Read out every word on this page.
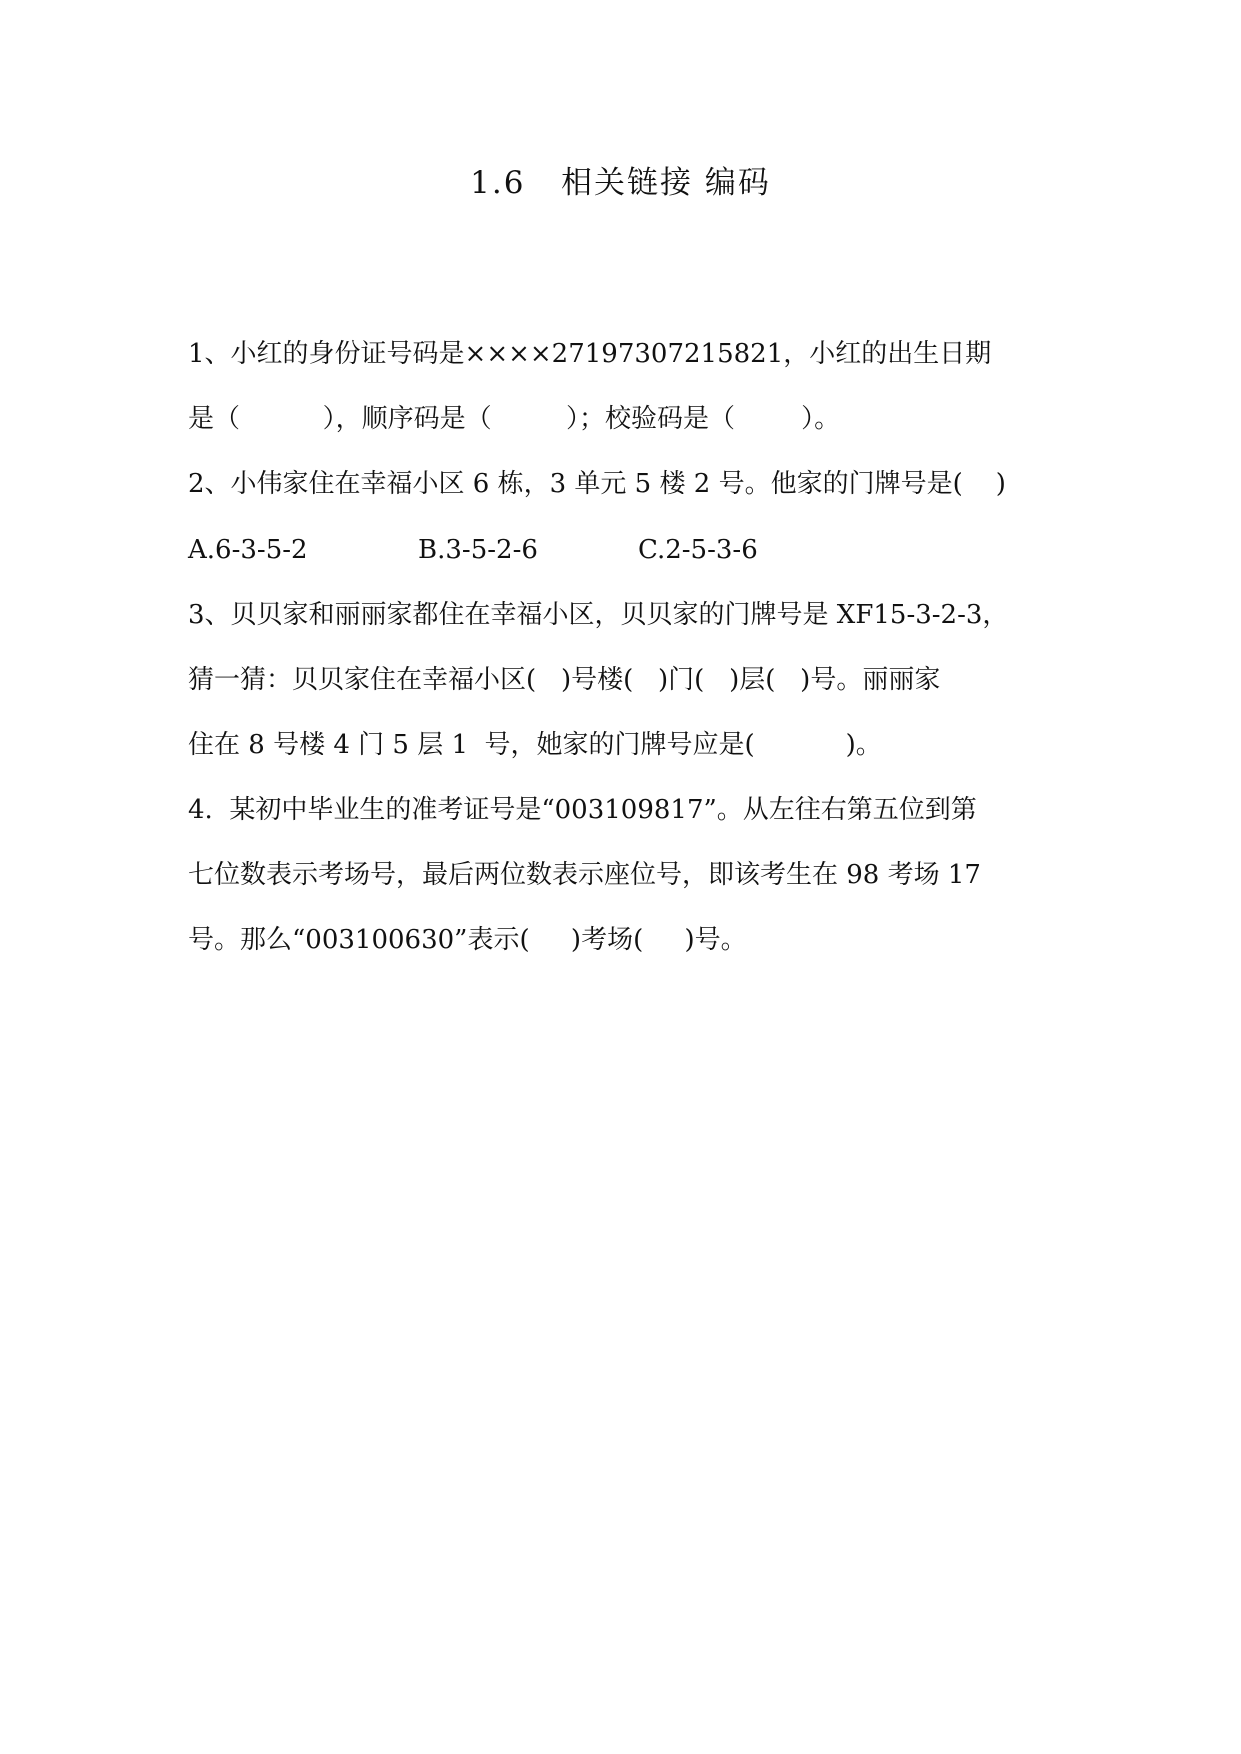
1.6   相关链接 编码
1、小红的身份证号码是××××27197307215821，小红的出生日期
是（          ），顺序码是（         ）；校验码是（        ）。
2、小伟家住在幸福小区 6 栋，3 单元 5 楼 2 号。他家的门牌号是(    )
A.6-3-5-2	B.3-5-2-6	C.2-5-3-6
3、贝贝家和丽丽家都住在幸福小区，贝贝家的门牌号是 XF15-3-2-3，
猜一猜：贝贝家住在幸福小区(   )号楼(   )门(   )层(   )号。丽丽家
住在 8 号楼 4 门 5 层 1  号，她家的门牌号应是(           )。
4.  某初中毕业生的准考证号是“003109817”。从左往右第五位到第
七位数表示考场号，最后两位数表示座位号，即该考生在 98 考场 17
号。那么“003100630”表示(     )考场(     )号。
